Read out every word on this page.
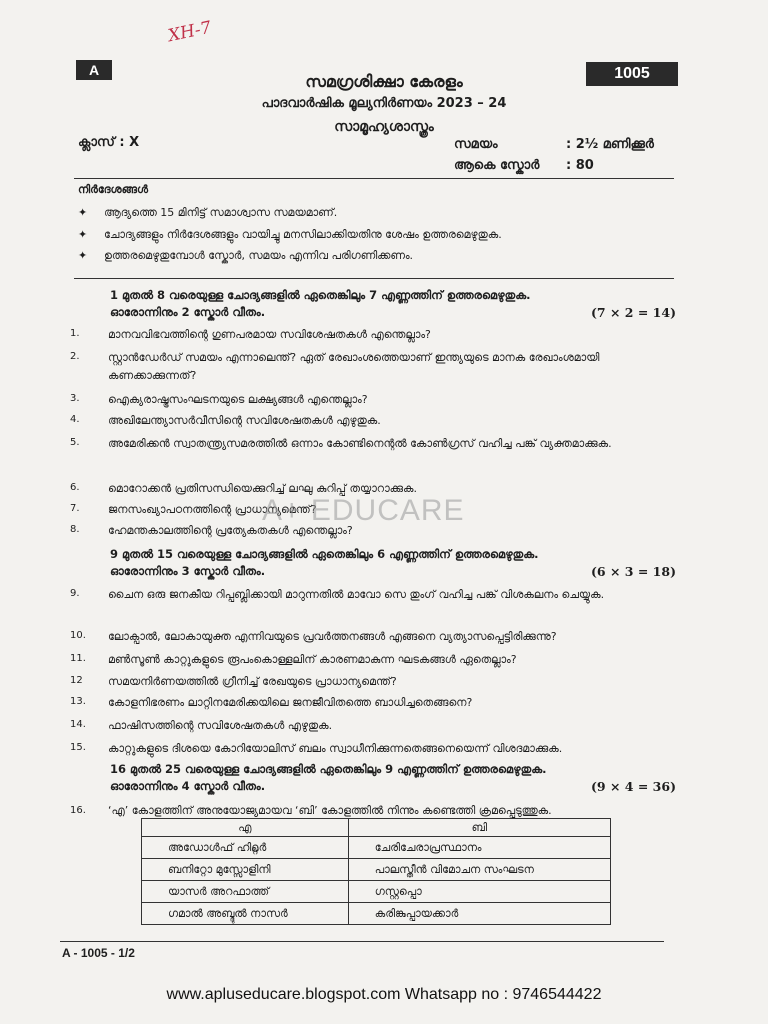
A
XH-7
1005
സമഗ്രശിക്ഷാ കേരളം
പാദവാർഷിക മൂല്യനിർണയം 2023 – 24
സാമൂഹ്യശാസ്ത്രം
ക്ലാസ് : X	സമയം	: 2½ മണിക്കൂർ
ആകെ സ്കോർ : 80
നിർദേശങ്ങൾ
✦ ആദ്യത്തെ 15 മിനിട്ട് സമാശ്വാസ സമയമാണ്.
✦ ചോദ്യങ്ങളും നിർദേശങ്ങളും വായിച്ചു മനസിലാക്കിയതിനു ശേഷം ഉത്തരമെഴുതുക.
✦ ഉത്തരമെഴുതുമ്പോൾ സ്കോർ, സമയം എന്നിവ പരിഗണിക്കണം.
1 മുതൽ 8 വരെയുള്ള ചോദ്യങ്ങളിൽ ഏതെങ്കിലും 7 എണ്ണത്തിന് ഉത്തരമെഴുതുക.
ഓരോന്നിനും 2 സ്കോർ വീതം.	(7 × 2 = 14)
1.	മാനവവിഭവത്തിന്റെ ഗുണപരമായ സവിശേഷതകൾ എന്തെല്ലാം?
2.	സ്റ്റാൻഡേർഡ് സമയം എന്നാലെന്ത്? ഏത് രേഖാംശത്തെയാണ് ഇന്ത്യയുടെ മാനക രേഖാംശമായി കണക്കാക്കുന്നത്?
3.	ഐക്യരാഷ്ട്രസംഘടനയുടെ ലക്ഷ്യങ്ങൾ എന്തെല്ലാം?
4.	അഖിലേന്ത്യാസർവീസിന്റെ സവിശേഷതകൾ എഴുതുക.
5.	അമേരിക്കൻ സ്വാതന്ത്ര്യസമരത്തിൽ ഒന്നാം കോണ്ടിനെന്റൽ കോൺഗ്രസ് വഹിച്ച പങ്ക് വ്യക്തമാക്കുക.
6.	മൊറോക്കൻ പ്രതിസന്ധിയെക്കുറിച്ച് ലഘു കുറിപ്പ് തയ്യാറാക്കുക.
7.	ജനസംഖ്യാപഠനത്തിന്റെ പ്രാധാന്യമെന്ത്?
8.	ഹേമന്തകാലത്തിന്റെ പ്രത്യേകതകൾ എന്തെല്ലാം?
A+ EDUCARE
9 മുതൽ 15 വരെയുള്ള ചോദ്യങ്ങളിൽ ഏതെങ്കിലും 6 എണ്ണത്തിന് ഉത്തരമെഴുതുക.
ഓരോന്നിനും 3 സ്കോർ വീതം.	(6 × 3 = 18)
9.	ചൈന ഒരു ജനകീയ റിപ്പബ്ലിക്കായി മാറുന്നതിൽ മാവോ സെ തുംഗ് വഹിച്ച പങ്ക് വിശകലനം ചെയ്യുക.
10.	ലോക്പാൽ, ലോകായുക്ത എന്നിവയുടെ പ്രവർത്തനങ്ങൾ എങ്ങനെ വ്യത്യാസപ്പെട്ടിരിക്കുന്നു?
11.	മൺസൂൺ കാറ്റുകളുടെ രൂപംകൊള്ളലിന് കാരണമാകുന്ന ഘടകങ്ങൾ ഏതെല്ലാം?
12	സമയനിർണയത്തിൽ ഗ്രീനിച്ച് രേഖയുടെ പ്രാധാന്യമെന്ത്?
13.	കോളനിഭരണം ലാറ്റിനമേരിക്കയിലെ ജനജീവിതത്തെ ബാധിച്ചതെങ്ങനെ?
14.	ഫാഷിസത്തിന്റെ സവിശേഷതകൾ എഴുതുക.
15.	കാറ്റുകളുടെ ദിശയെ കോറിയോലിസ് ബലം സ്വാധീനിക്കുന്നതെങ്ങനെയെന്ന് വിശദമാക്കുക.
16 മുതൽ 25 വരെയുള്ള ചോദ്യങ്ങളിൽ ഏതെങ്കിലും 9 എണ്ണത്തിന് ഉത്തരമെഴുതുക.
ഓരോന്നിനും 4 സ്കോർ വീതം.	(9 × 4 = 36)
16.	‘എ’ കോളത്തിന് അനുയോജ്യമായവ ‘ബി’ കോളത്തിൽ നിന്നും കണ്ടെത്തി ക്രമപ്പെടുത്തുക.
എ	ബി
അഡോൾഫ് ഹിറ്റ്ലർ	ചേരിചേരാപ്രസ്ഥാനം
ബനിറ്റോ മുസ്സോളിനി	പാലസ്തീൻ വിമോചന സംഘടന
യാസർ അറഫാത്ത്	ഗസ്റ്റപ്പൊ
ഗമാൽ അബ്ദുൽ നാസർ	കരിങ്കുപ്പായക്കാർ
A - 1005 - 1/2
www.apluseducare.blogspot.com Whatsapp no : 9746544422
